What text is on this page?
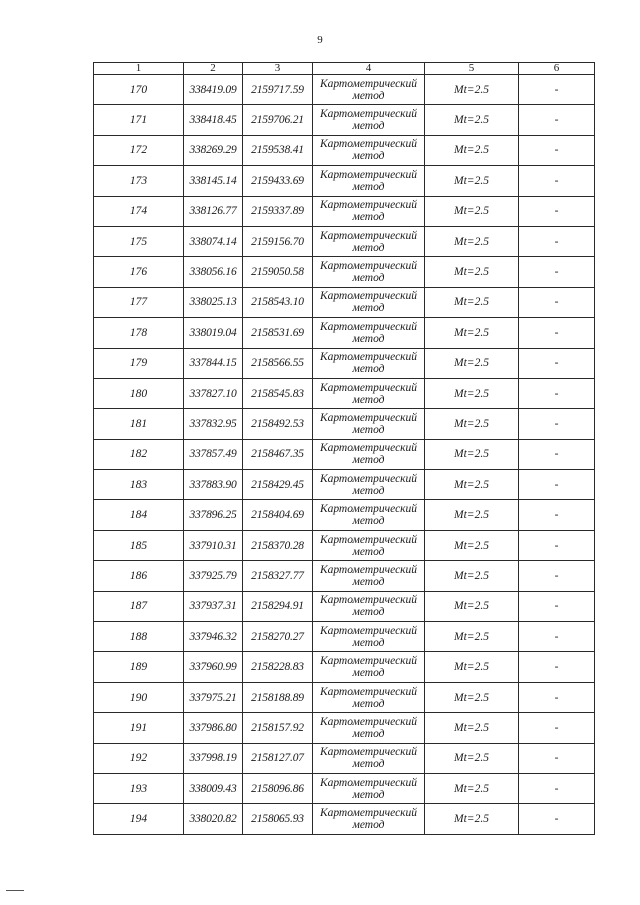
9
1	2	3	4	5	6
170	338419.09	2159717.59	Картометрический
метод	Mt=2.5	-
171	338418.45	2159706.21	Картометрический
метод	Mt=2.5	-
172	338269.29	2159538.41	Картометрический
метод	Mt=2.5	-
173	338145.14	2159433.69	Картометрический
метод	Mt=2.5	-
174	338126.77	2159337.89	Картометрический
метод	Mt=2.5	-
175	338074.14	2159156.70	Картометрический
метод	Mt=2.5	-
176	338056.16	2159050.58	Картометрический
метод	Mt=2.5	-
177	338025.13	2158543.10	Картометрический
метод	Mt=2.5	-
178	338019.04	2158531.69	Картометрический
метод	Mt=2.5	-
179	337844.15	2158566.55	Картометрический
метод	Mt=2.5	-
180	337827.10	2158545.83	Картометрический
метод	Mt=2.5	-
181	337832.95	2158492.53	Картометрический
метод	Mt=2.5	-
182	337857.49	2158467.35	Картометрический
метод	Mt=2.5	-
183	337883.90	2158429.45	Картометрический
метод	Mt=2.5	-
184	337896.25	2158404.69	Картометрический
метод	Mt=2.5	-
185	337910.31	2158370.28	Картометрический
метод	Mt=2.5	-
186	337925.79	2158327.77	Картометрический
метод	Mt=2.5	-
187	337937.31	2158294.91	Картометрический
метод	Mt=2.5	-
188	337946.32	2158270.27	Картометрический
метод	Mt=2.5	-
189	337960.99	2158228.83	Картометрический
метод	Mt=2.5	-
190	337975.21	2158188.89	Картометрический
метод	Mt=2.5	-
191	337986.80	2158157.92	Картометрический
метод	Mt=2.5	-
192	337998.19	2158127.07	Картометрический
метод	Mt=2.5	-
193	338009.43	2158096.86	Картометрический
метод	Mt=2.5	-
194	338020.82	2158065.93	Картометрический
метод	Mt=2.5	-
